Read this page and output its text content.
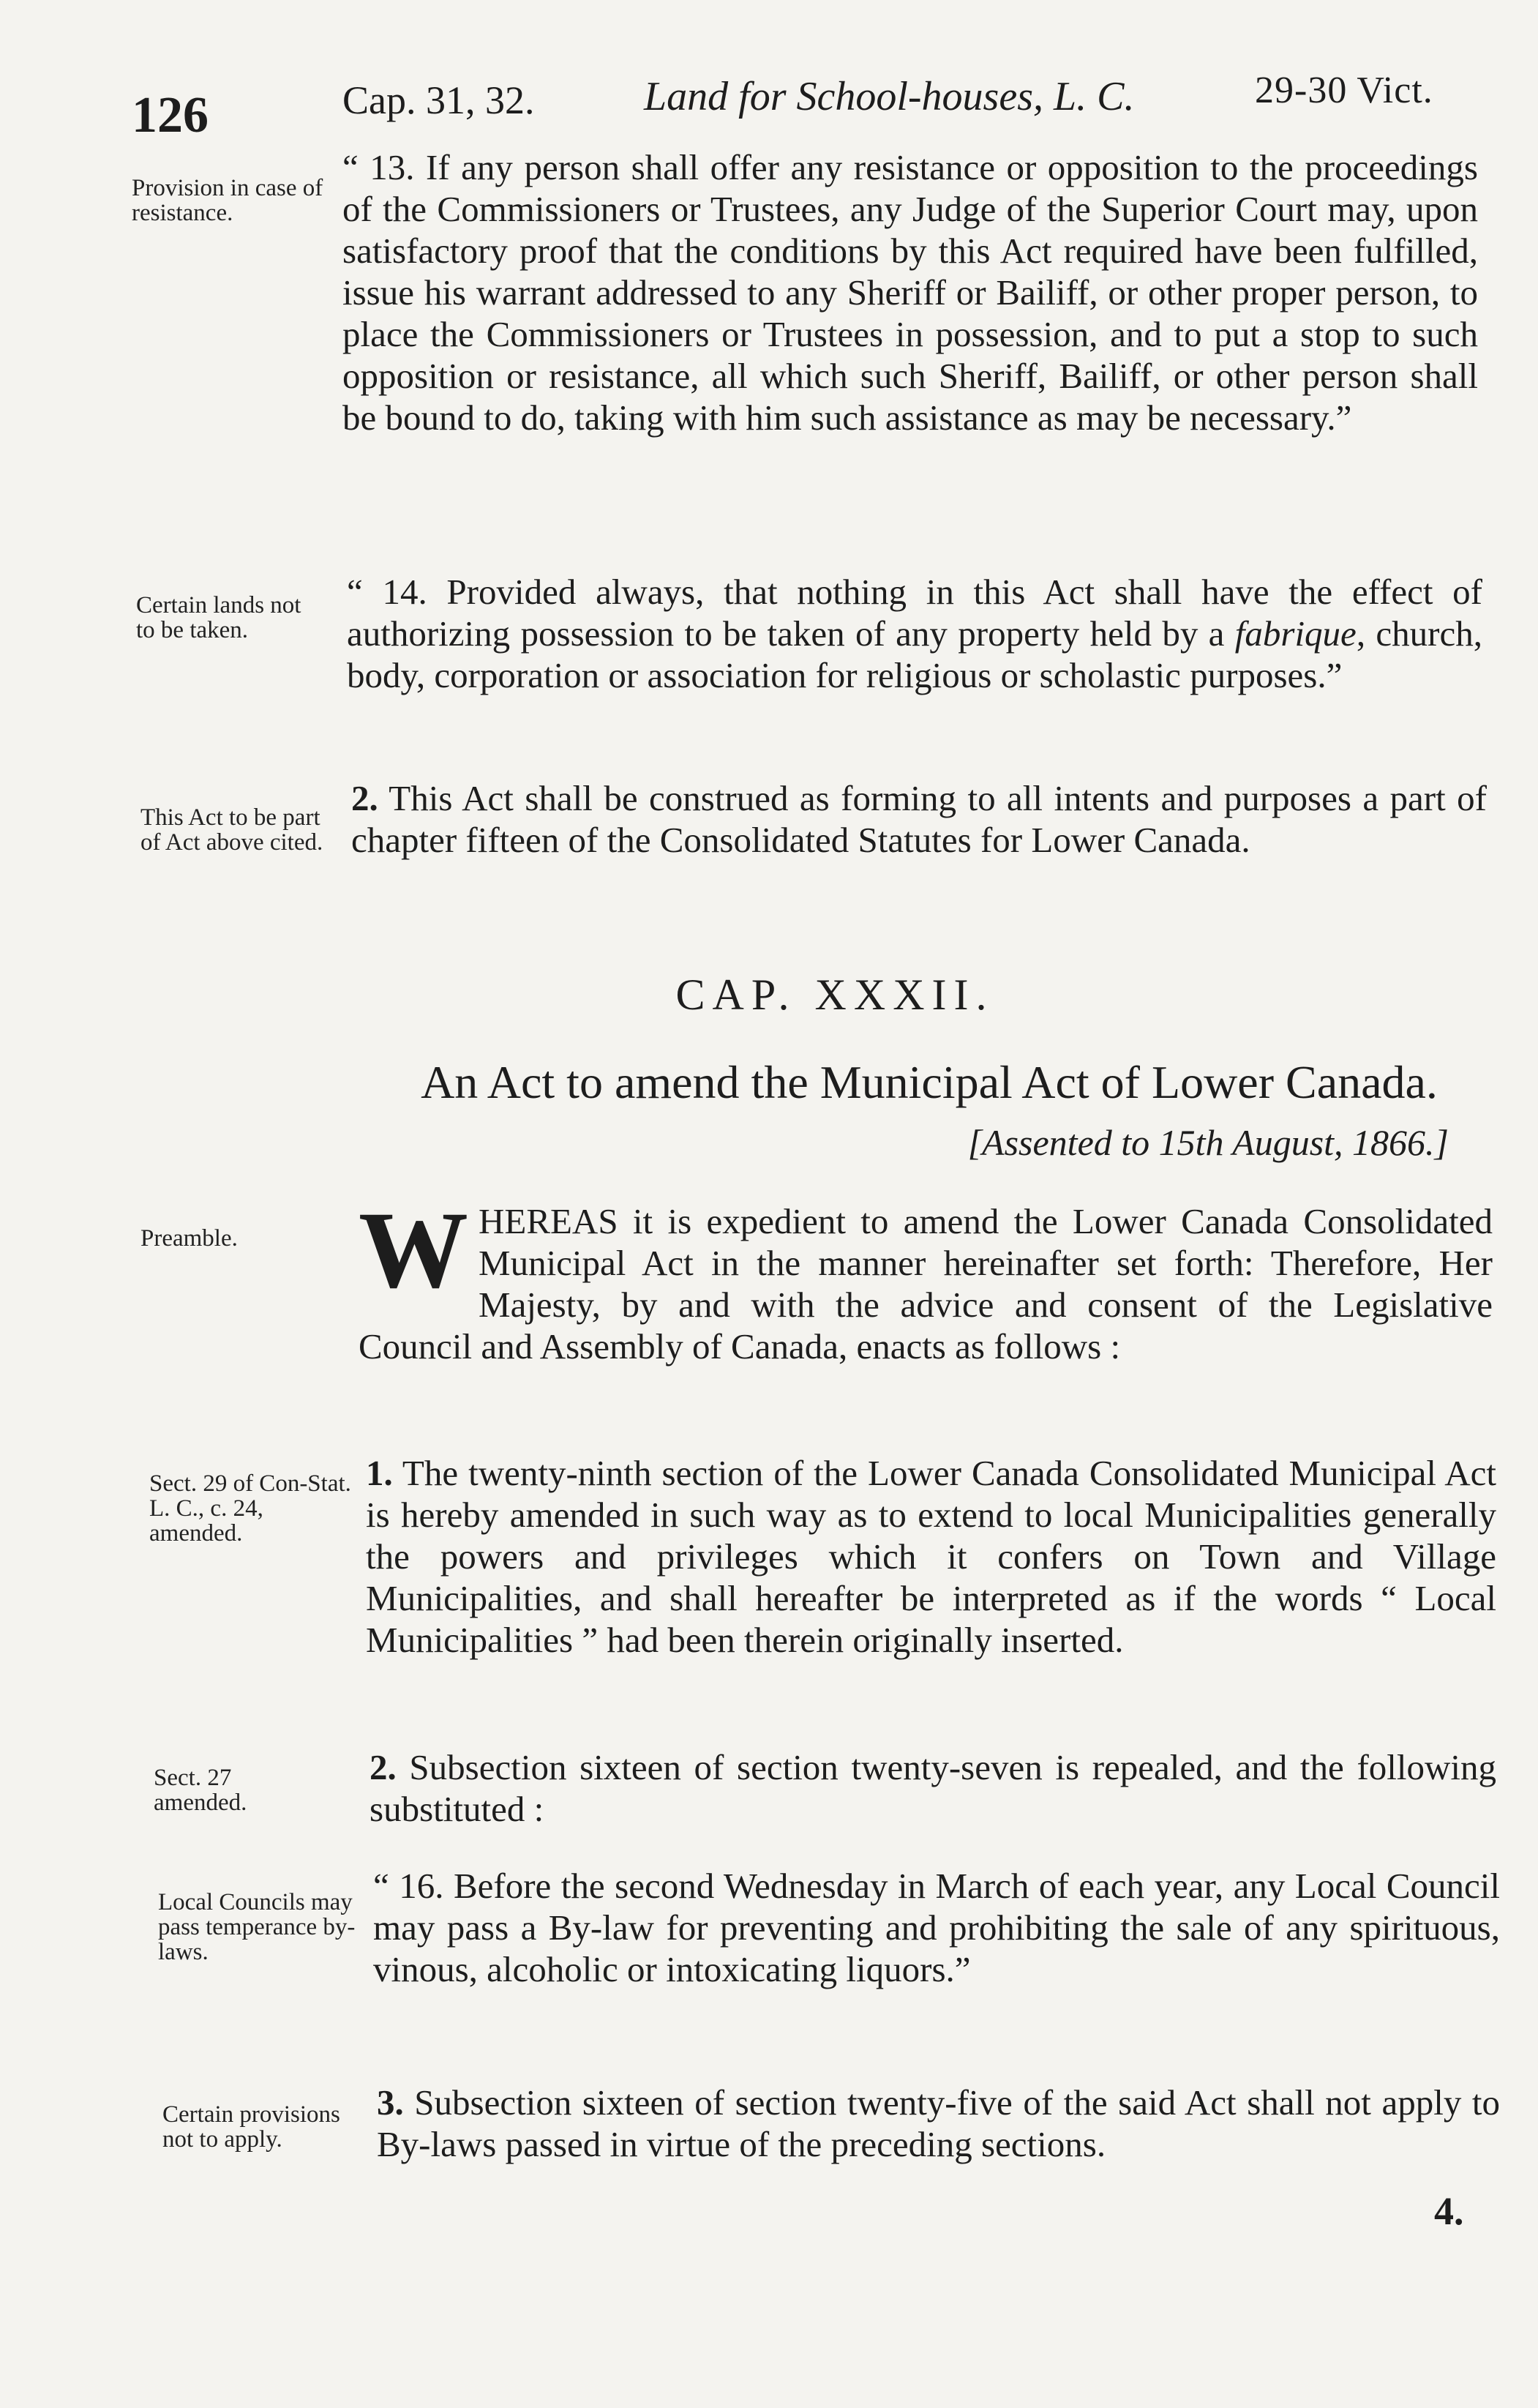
126	Cap. 31, 32.	Land for School-houses, L. C.	29-30 Vict.
Provision in case of resistance.
“ 13. If any person shall offer any resistance or opposition to the proceedings of the Commissioners or Trustees, any Judge of the Superior Court may, upon satisfactory proof that the conditions by this Act required have been fulfilled, issue his warrant addressed to any Sheriff or Bailiff, or other proper person, to place the Commissioners or Trustees in possession, and to put a stop to such opposition or resistance, all which such Sheriff, Bailiff, or other person shall be bound to do, taking with him such assistance as may be necessary.”
Certain lands not to be taken.
“ 14. Provided always, that nothing in this Act shall have the effect of authorizing possession to be taken of any property held by a fabrique, church, body, corporation or association for religious or scholastic purposes.”
This Act to be part of Act above cited.
2. This Act shall be construed as forming to all intents and purposes a part of chapter fifteen of the Consolidated Statutes for Lower Canada.
CAP. XXXII.
An Act to amend the Municipal Act of Lower Canada.
[Assented to 15th August, 1866.]
Preamble.	WHEREAS it is expedient to amend the Lower Canada Consolidated Municipal Act in the manner hereinafter set forth: Therefore, Her Majesty, by and with the advice and consent of the Legislative Council and Assembly of Canada, enacts as follows :
Sect. 29 of Con-Stat. L. C., c. 24, amended.
1. The twenty-ninth section of the Lower Canada Consolidated Municipal Act is hereby amended in such way as to extend to local Municipalities generally the powers and privileges which it confers on Town and Village Municipalities, and shall hereafter be interpreted as if the words “ Local Municipalities ” had been therein originally inserted.
Sect. 27 amended.
2. Subsection sixteen of section twenty-seven is repealed, and the following substituted :
Local Councils may pass temperance by-laws.
“ 16. Before the second Wednesday in March of each year, any Local Council may pass a By-law for preventing and prohibiting the sale of any spirituous, vinous, alcoholic or intoxicating liquors.”
Certain provisions not to apply.
3. Subsection sixteen of section twenty-five of the said Act shall not apply to By-laws passed in virtue of the preceding sections.
4.
